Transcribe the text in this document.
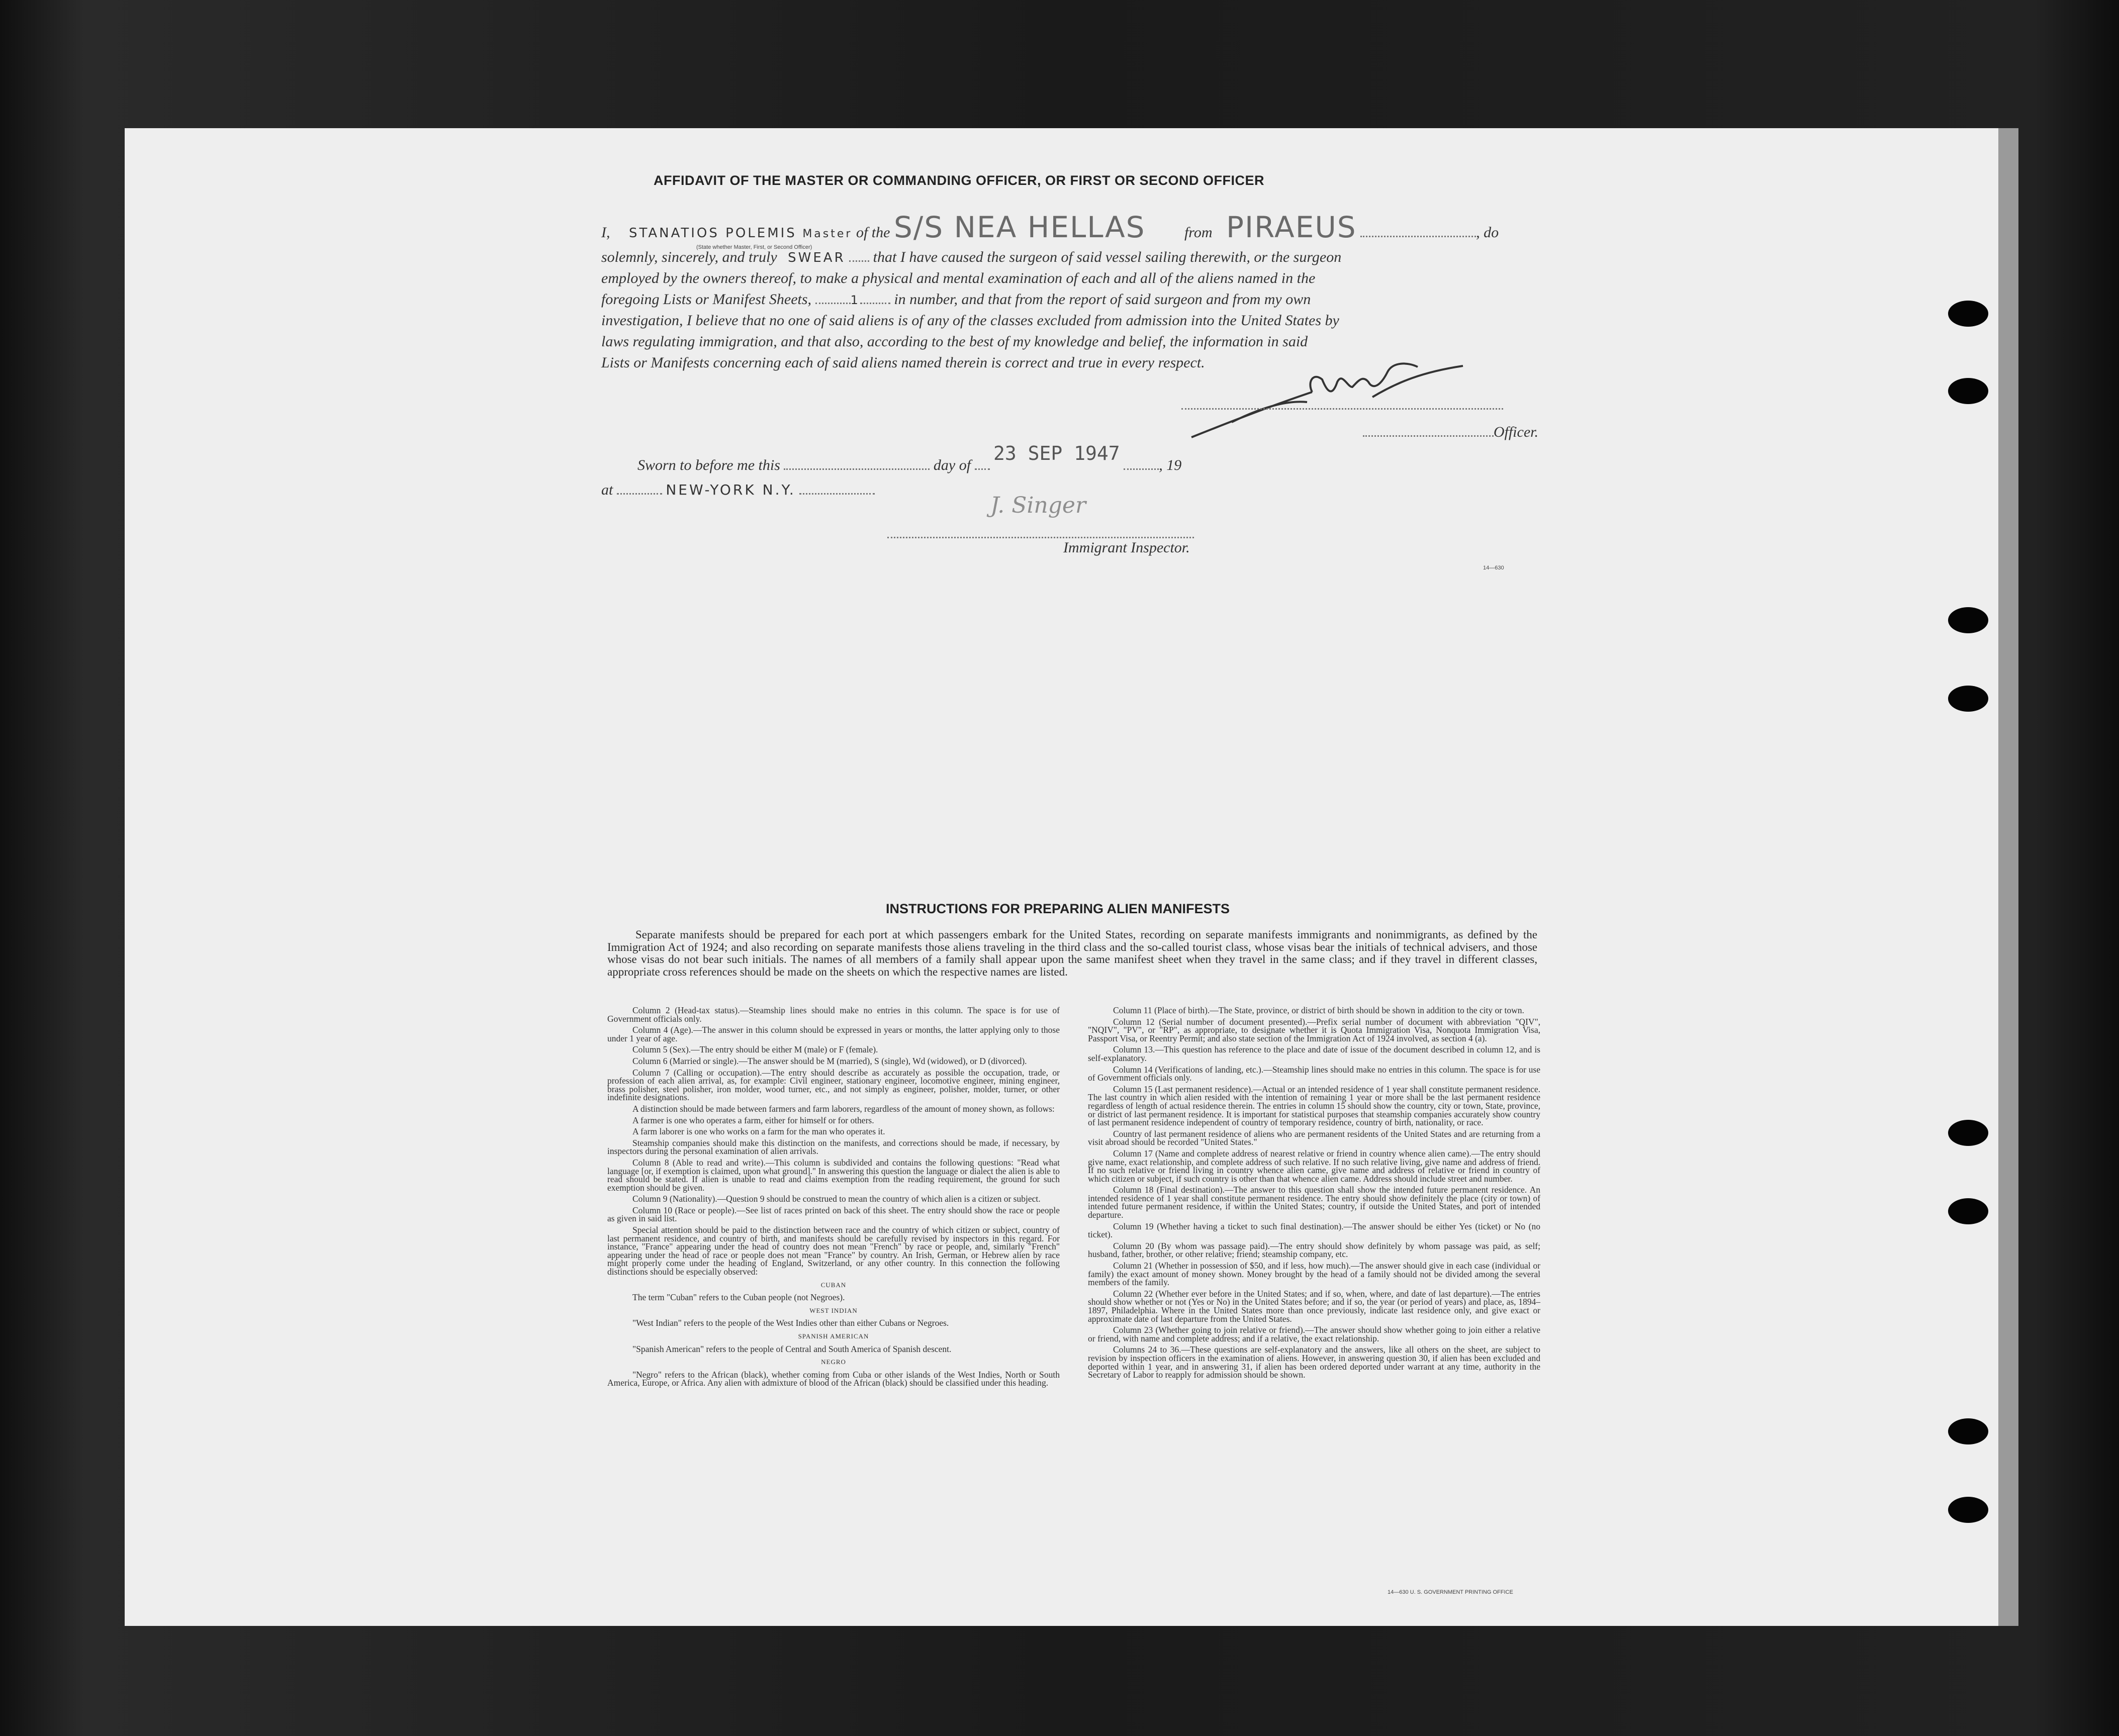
AFFIDAVIT OF THE MASTER OR COMMANDING OFFICER, OR FIRST OR SECOND OFFICER
I, STANATIOS POLEMIS Master of the S/S NEA HELLAS	from PIRAEUS	, do
(State whether Master, First, or Second Officer)
solemnly, sincerely, and truly SWEAR that I have caused the surgeon of said vessel sailing therewith, or the surgeon
employed by the owners thereof, to make a physical and mental examination of each and all of the aliens named in the
foregoing Lists or Manifest Sheets,	1 in number, and that from the report of said surgeon and from my own
investigation, I believe that no one of said aliens is of any of the classes excluded from admission into the United States by
laws regulating immigration, and that also, according to the best of my knowledge and belief, the information in said
Lists or Manifests concerning each of said aliens named therein is correct and true in every respect.
Officer.
Sworn to before me this	day of  23 SEP 1947 , 19
at	NEW-YORK N.Y.
J. Singer
Immigrant Inspector.
14—630
INSTRUCTIONS FOR PREPARING ALIEN MANIFESTS
Separate manifests should be prepared for each port at which passengers embark for the United States, recording on separate manifests immigrants and nonimmigrants, as defined by the Immigration Act of 1924; and also recording on separate manifests those aliens traveling in the third class and the so-called tourist class, whose visas bear the initials of technical advisers, and those whose visas do not bear such initials. The names of all members of a family shall appear upon the same manifest sheet when they travel in the same class; and if they travel in different classes, appropriate cross references should be made on the sheets on which the respective names are listed.

Column 2 (Head-tax status).—Steamship lines should make no entries in this column. The space is for use of Government officials only.

Column 4 (Age).—The answer in this column should be expressed in years or months, the latter applying only to those under 1 year of age.

Column 5 (Sex).—The entry should be either M (male) or F (female).

Column 6 (Married or single).—The answer should be M (married), S (single), Wd (widowed), or D (divorced).

Column 7 (Calling or occupation).—The entry should describe as accurately as possible the occupation, trade, or profession of each alien arrival, as, for example: Civil engineer, stationary engineer, locomotive engineer, mining engineer, brass polisher, steel polisher, iron molder, wood turner, etc., and not simply as engineer, polisher, molder, turner, or other indefinite designations.

A distinction should be made between farmers and farm laborers, regardless of the amount of money shown, as follows:

A farmer is one who operates a farm, either for himself or for others.

A farm laborer is one who works on a farm for the man who operates it.

Steamship companies should make this distinction on the manifests, and corrections should be made, if necessary, by inspectors during the personal examination of alien arrivals.

Column 8 (Able to read and write).—This column is subdivided and contains the following questions: "Read what language [or, if exemption is claimed, upon what ground]." In answering this question the language or dialect the alien is able to read should be stated. If alien is unable to read and claims exemption from the reading requirement, the ground for such exemption should be given.

Column 9 (Nationality).—Question 9 should be construed to mean the country of which alien is a citizen or subject.

Column 10 (Race or people).—See list of races printed on back of this sheet. The entry should show the race or people as given in said list.

Special attention should be paid to the distinction between race and the country of which citizen or subject, country of last permanent residence, and country of birth, and manifests should be carefully revised by inspectors in this regard. For instance, "France" appearing under the head of country does not mean "French" by race or people, and, similarly "French" appearing under the head of race or people does not mean "France" by country. An Irish, German, or Hebrew alien by race might properly come under the heading of England, Switzerland, or any other country. In this connection the following distinctions should be especially observed:

CUBAN

The term "Cuban" refers to the Cuban people (not Negroes).

WEST INDIAN

"West Indian" refers to the people of the West Indies other than either Cubans or Negroes.

SPANISH AMERICAN

"Spanish American" refers to the people of Central and South America of Spanish descent.

NEGRO

"Negro" refers to the African (black), whether coming from Cuba or other islands of the West Indies, North or South America, Europe, or Africa. Any alien with admixture of blood of the African (black) should be classified under this heading.

Column 11 (Place of birth).—The State, province, or district of birth should be shown in addition to the city or town.

Column 12 (Serial number of document presented).—Prefix serial number of document with abbreviation "QIV", "NQIV", "PV", or "RP", as appropriate, to designate whether it is Quota Immigration Visa, Nonquota Immigration Visa, Passport Visa, or Reentry Permit; and also state section of the Immigration Act of 1924 involved, as section 4 (a).

Column 13.—This question has reference to the place and date of issue of the document described in column 12, and is self-explanatory.

Column 14 (Verifications of landing, etc.).—Steamship lines should make no entries in this column. The space is for use of Government officials only.

Column 15 (Last permanent residence).—Actual or an intended residence of 1 year shall constitute permanent residence. The last country in which alien resided with the intention of remaining 1 year or more shall be the last permanent residence regardless of length of actual residence therein. The entries in column 15 should show the country, city or town, State, province, or district of last permanent residence. It is important for statistical purposes that steamship companies accurately show country of last permanent residence independent of country of temporary residence, country of birth, nationality, or race.

Country of last permanent residence of aliens who are permanent residents of the United States and are returning from a visit abroad should be recorded "United States."

Column 17 (Name and complete address of nearest relative or friend in country whence alien came).—The entry should give name, exact relationship, and complete address of such relative. If no such relative living, give name and address of friend. If no such relative or friend living in country whence alien came, give name and address of relative or friend in country of which citizen or subject, if such country is other than that whence alien came. Address should include street and number.

Column 18 (Final destination).—The answer to this question shall show the intended future permanent residence. An intended residence of 1 year shall constitute permanent residence. The entry should show definitely the place (city or town) of intended future permanent residence, if within the United States; country, if outside the United States, and port of intended departure.

Column 19 (Whether having a ticket to such final destination).—The answer should be either Yes (ticket) or No (no ticket).

Column 20 (By whom was passage paid).—The entry should show definitely by whom passage was paid, as self; husband, father, brother, or other relative; friend; steamship company, etc.

Column 21 (Whether in possession of $50, and if less, how much).—The answer should give in each case (individual or family) the exact amount of money shown. Money brought by the head of a family should not be divided among the several members of the family.

Column 22 (Whether ever before in the United States; and if so, when, where, and date of last departure).—The entries should show whether or not (Yes or No) in the United States before; and if so, the year (or period of years) and place, as, 1894–1897, Philadelphia. Where in the United States more than once previously, indicate last residence only, and give exact or approximate date of last departure from the United States.

Column 23 (Whether going to join relative or friend).—The answer should show whether going to join either a relative or friend, with name and complete address; and if a relative, the exact relationship.

Columns 24 to 36.—These questions are self-explanatory and the answers, like all others on the sheet, are subject to revision by inspection officers in the examination of aliens. However, in answering question 30, if alien has been excluded and deported within 1 year, and in answering 31, if alien has been ordered deported under warrant at any time, authority in the Secretary of Labor to reapply for admission should be shown.

14—630 U. S. GOVERNMENT PRINTING OFFICE
